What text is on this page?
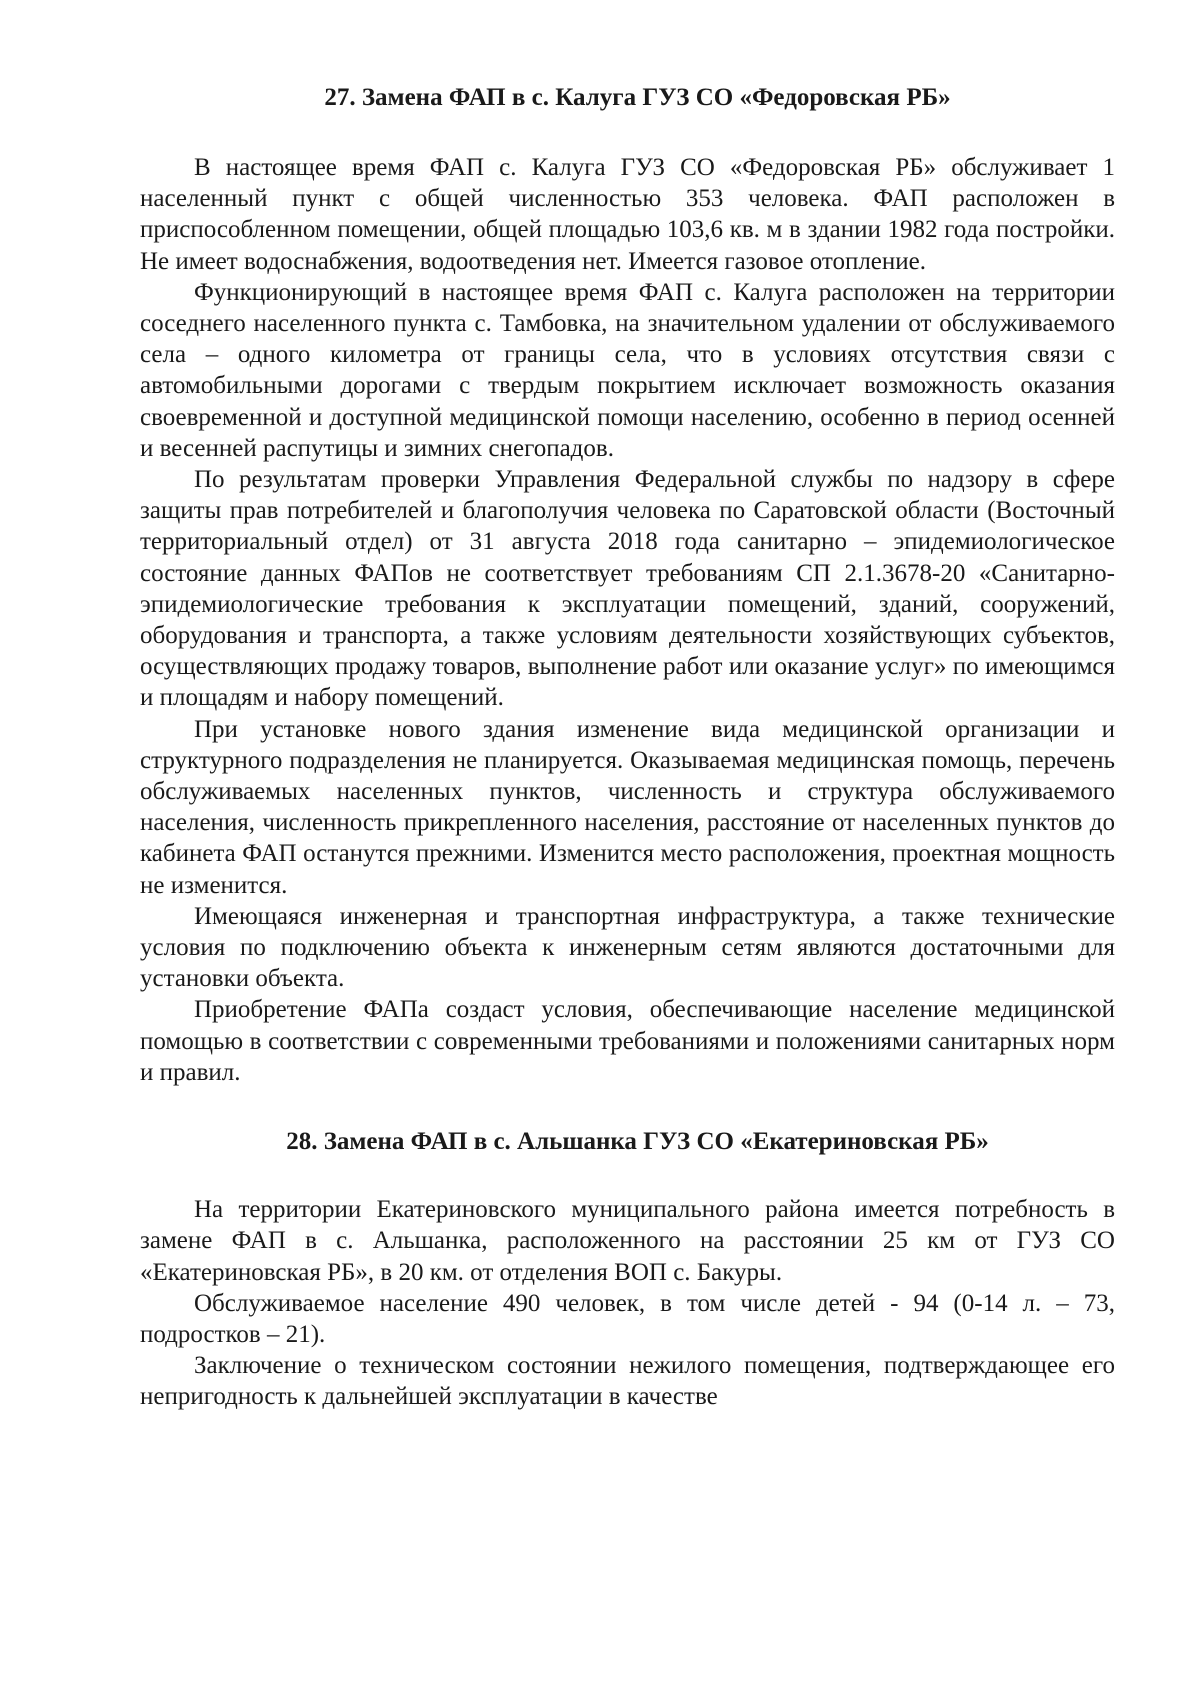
27. Замена ФАП в с. Калуга ГУЗ СО «Федоровская РБ»

В настоящее время ФАП с. Калуга ГУЗ СО «Федоровская РБ» обслуживает 1 населенный пункт с общей численностью 353 человека. ФАП расположен в приспособленном помещении, общей площадью 103,6 кв. м в здании 1982 года постройки. Не имеет водоснабжения, водоотведения нет. Имеется газовое отопление.

Функционирующий в настоящее время ФАП с. Калуга расположен на территории соседнего населенного пункта с. Тамбовка, на значительном удалении от обслуживаемого села – одного километра от границы села, что в условиях отсутствия связи с автомобильными дорогами с твердым покрытием исключает возможность оказания своевременной и доступной медицинской помощи населению, особенно в период осенней и весенней распутицы и зимних снегопадов.

По результатам проверки Управления Федеральной службы по надзору в сфере защиты прав потребителей и благополучия человека по Саратовской области (Восточный территориальный отдел) от 31 августа 2018 года санитарно – эпидемиологическое состояние данных ФАПов не соответствует требованиям СП 2.1.3678-20 «Санитарно-эпидемиологические требования к эксплуатации помещений, зданий, сооружений, оборудования и транспорта, а также условиям деятельности хозяйствующих субъектов, осуществляющих продажу товаров, выполнение работ или оказание услуг» по имеющимся и площадям и набору помещений.

При установке нового здания изменение вида медицинской организации и структурного подразделения не планируется. Оказываемая медицинская помощь, перечень обслуживаемых населенных пунктов, численность и структура обслуживаемого населения, численность прикрепленного населения, расстояние от населенных пунктов до кабинета ФАП останутся прежними. Изменится место расположения, проектная мощность не изменится.

Имеющаяся инженерная и транспортная инфраструктура, а также технические условия по подключению объекта к инженерным сетям являются достаточными для установки объекта.

Приобретение ФАПа создаст условия, обеспечивающие население медицинской помощью в соответствии с современными требованиями и положениями санитарных норм и правил.

28. Замена ФАП в с. Альшанка ГУЗ СО «Екатериновская РБ»

На территории Екатериновского муниципального района имеется потребность в замене ФАП в с. Альшанка, расположенного на расстоянии 25 км от ГУЗ СО «Екатериновская РБ», в 20 км. от отделения ВОП с. Бакуры.

Обслуживаемое население 490 человек, в том числе детей - 94 (0-14 л. – 73, подростков – 21).

Заключение о техническом состоянии нежилого помещения, подтверждающее его непригодность к дальнейшей эксплуатации в качестве
